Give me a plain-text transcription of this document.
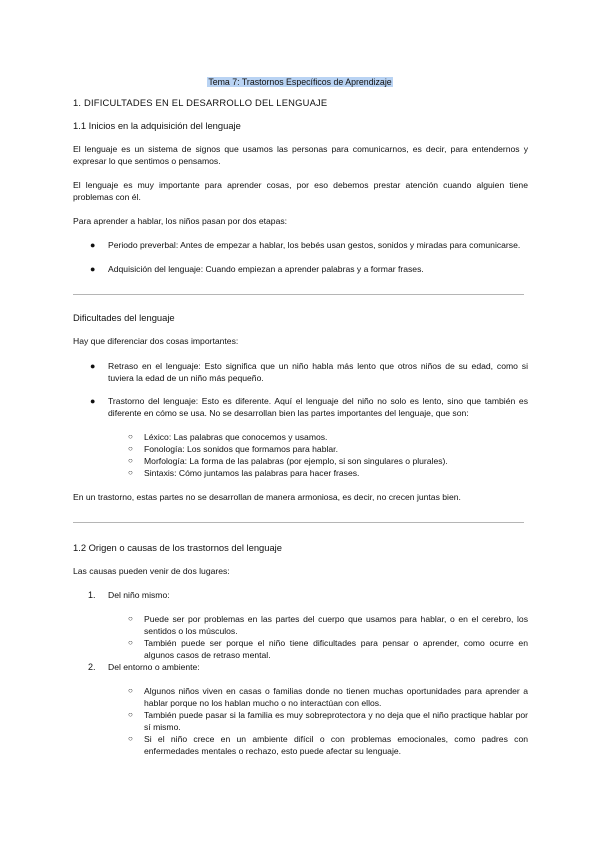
Tema 7: Trastornos Específicos de Aprendizaje
1. DIFICULTADES EN EL DESARROLLO DEL LENGUAJE
1.1 Inicios en la adquisición del lenguaje
El lenguaje es un sistema de signos que usamos las personas para comunicarnos, es decir, para entendernos y expresar lo que sentimos o pensamos.
El lenguaje es muy importante para aprender cosas, por eso debemos prestar atención cuando alguien tiene problemas con él.
Para aprender a hablar, los niños pasan por dos etapas:
● Periodo preverbal: Antes de empezar a hablar, los bebés usan gestos, sonidos y miradas para comunicarse.
● Adquisición del lenguaje: Cuando empiezan a aprender palabras y a formar frases.
Dificultades del lenguaje
Hay que diferenciar dos cosas importantes:
● Retraso en el lenguaje: Esto significa que un niño habla más lento que otros niños de su edad, como si tuviera la edad de un niño más pequeño.
● Trastorno del lenguaje: Esto es diferente. Aquí el lenguaje del niño no solo es lento, sino que también es diferente en cómo se usa. No se desarrollan bien las partes importantes del lenguaje, que son:
○ Léxico: Las palabras que conocemos y usamos.
○ Fonología: Los sonidos que formamos para hablar.
○ Morfología: La forma de las palabras (por ejemplo, si son singulares o plurales).
○ Sintaxis: Cómo juntamos las palabras para hacer frases.
En un trastorno, estas partes no se desarrollan de manera armoniosa, es decir, no crecen juntas bien.
1.2 Origen o causas de los trastornos del lenguaje
Las causas pueden venir de dos lugares:
1. Del niño mismo:
○ Puede ser por problemas en las partes del cuerpo que usamos para hablar, o en el cerebro, los sentidos o los músculos.
○ También puede ser porque el niño tiene dificultades para pensar o aprender, como ocurre en algunos casos de retraso mental.
2. Del entorno o ambiente:
○ Algunos niños viven en casas o familias donde no tienen muchas oportunidades para aprender a hablar porque no los hablan mucho o no interactúan con ellos.
○ También puede pasar si la familia es muy sobreprotectora y no deja que el niño practique hablar por sí mismo.
○ Si el niño crece en un ambiente difícil o con problemas emocionales, como padres con enfermedades mentales o rechazo, esto puede afectar su lenguaje.
